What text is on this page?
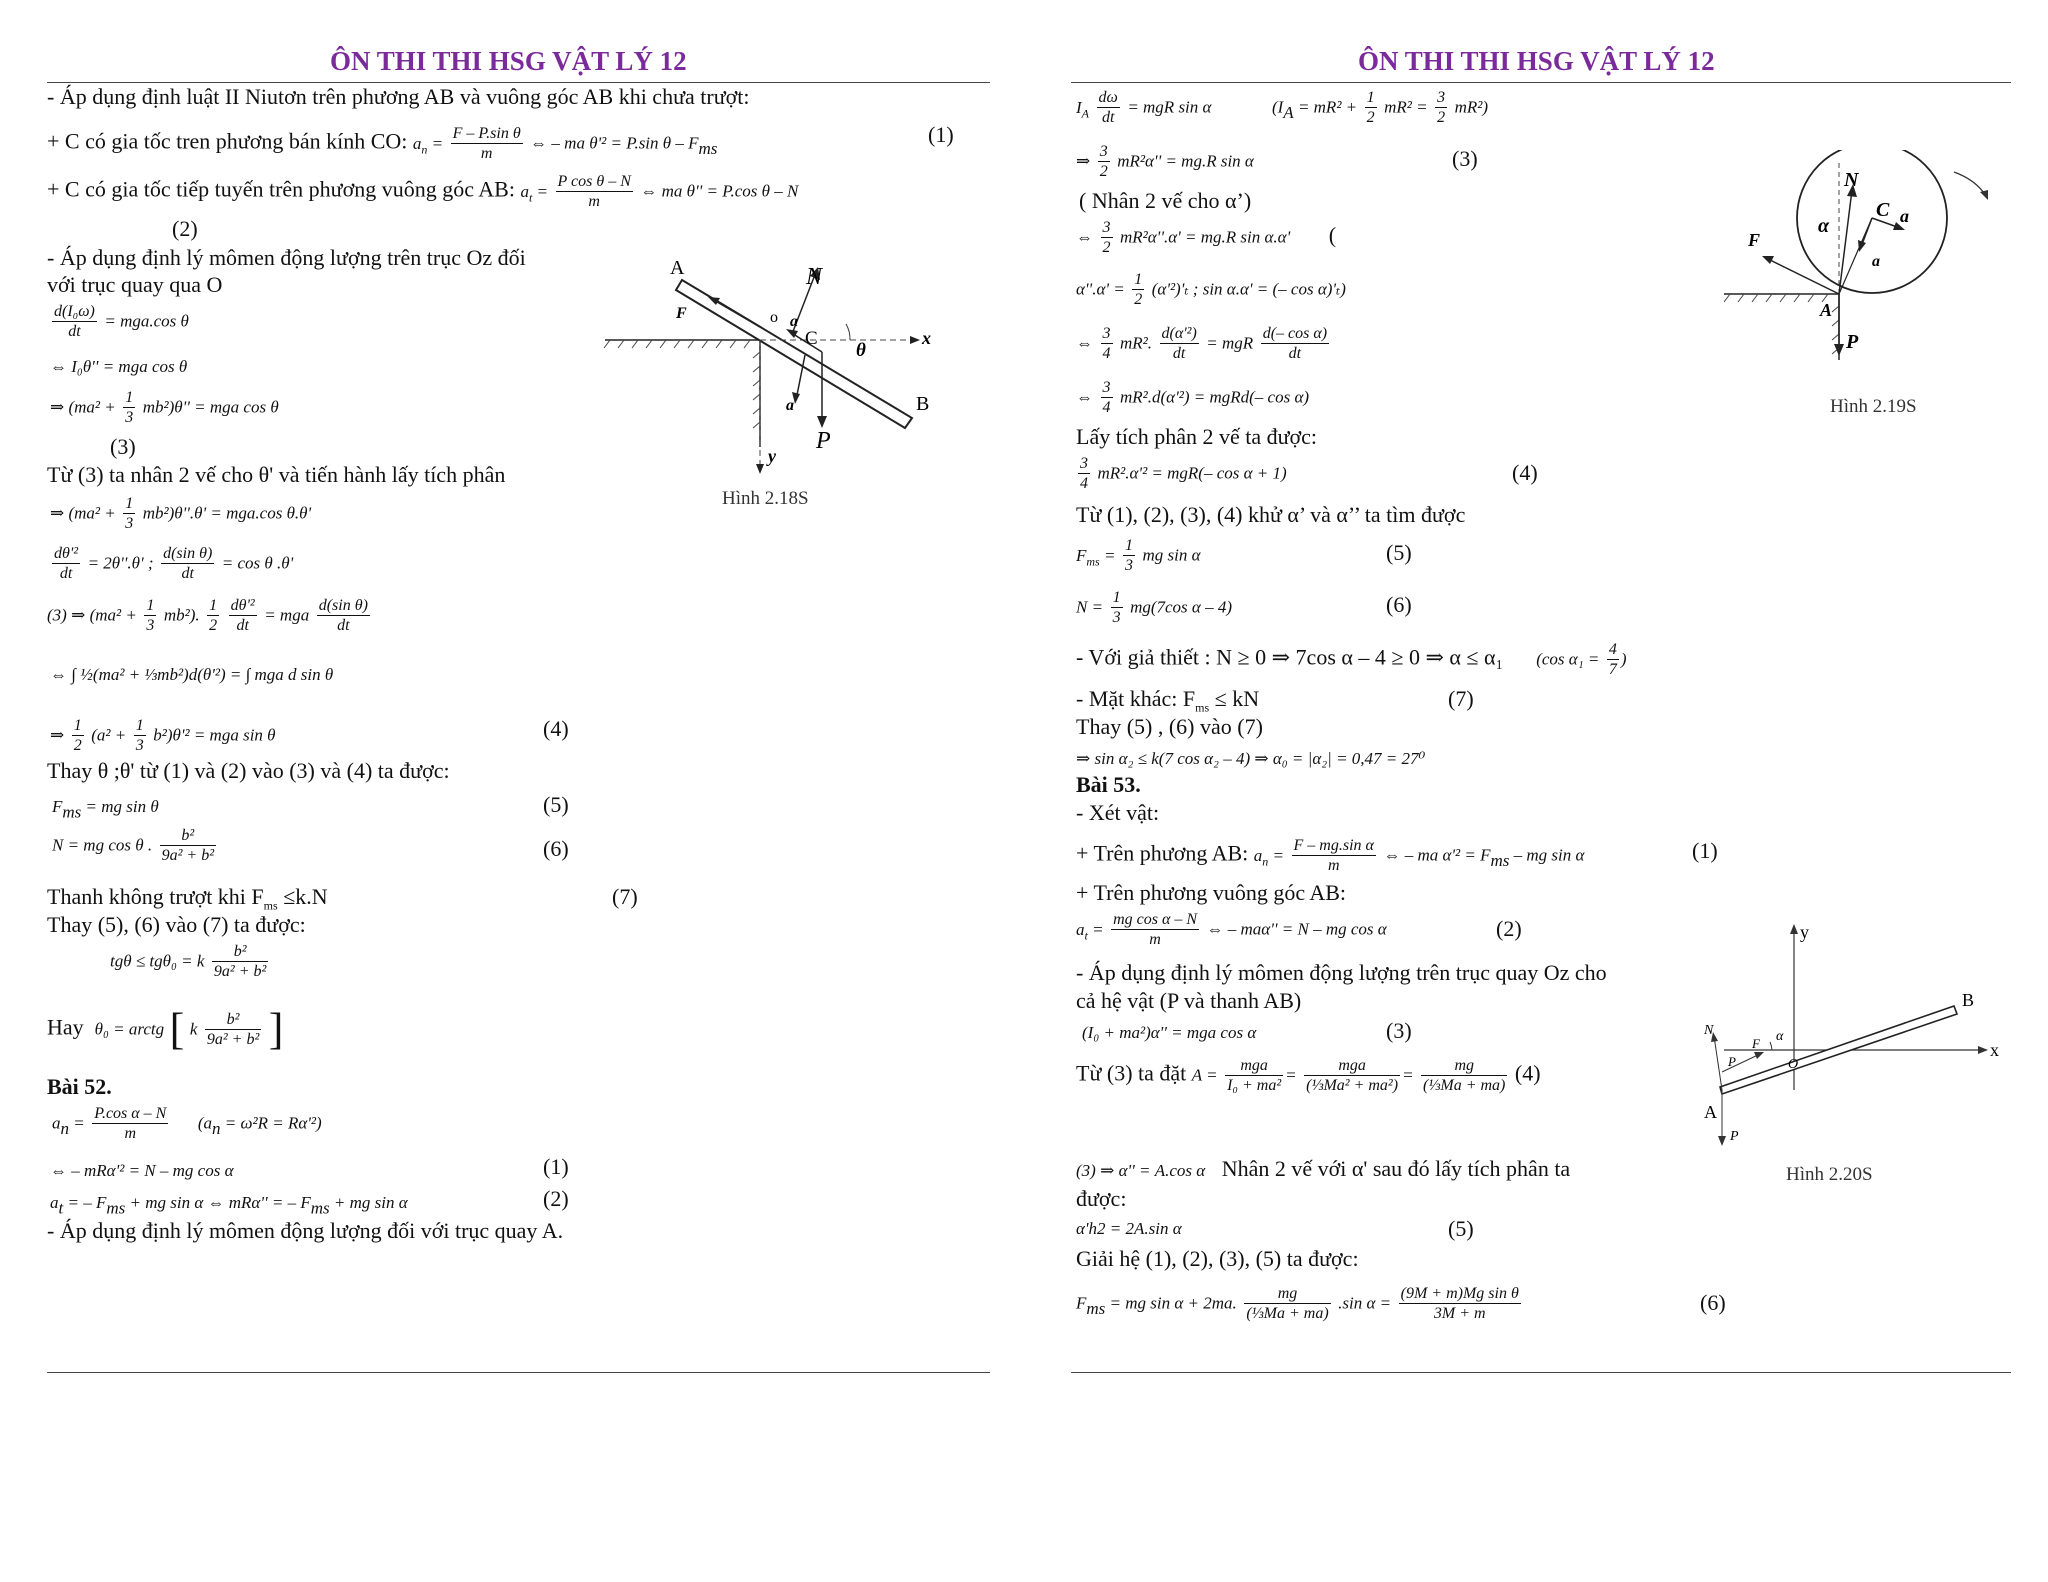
ÔN THI THI HSG VẬT LÝ 12
- Áp dụng định luật II Niutơn trên phương AB và vuông góc AB khi chưa trượt:
+ C có gia tốc tren phương bán kính CO: $a_n = \frac{\text{F – P.sin θ}}{m}$ ⇔ – ma θ'² = P.sin θ – $F_{ms}$
(1)
+ C có gia tốc tiếp tuyến trên phương vuông góc AB: $a_t = \frac{\text{P cos θ – N}}{m}$ ⇔ ma θ'' = P.cos θ – N
(2)
- Áp dụng định lý mômen động lượng trên trục Oz đối
với trục quay qua O
$\frac{\text{d(I₀ω)}}{dt} = mga.\cos$ θ
⇔ I₀θ'' = mga cos θ
⇒ $(ma^2 + \frac{1}{3} mb^2)\theta''$ = mga cos θ
(3)
Từ (3) ta nhân 2 vế cho θ' và tiến hành lấy tích phân
⇒ $(ma^2 + \frac{1}{3} mb^2)\theta''.\theta' = mga.\cos$ θ.θ'
$\frac{\text{dθ'²}}{dt} = 2\theta''.\theta'$ ; $\frac{\text{d(sin θ)}}{dt} = \cos \theta$ .θ'
(3) ⇒ $(ma^2 + \frac{1}{3} mb^2)$. $\frac{1}{2}$
$\frac{\text{dθ'²}}{dt}$ = mga $\frac{\text{d(sin θ)}}{dt}$
⇔ ∫ ½(ma² + ⅓mb²)d(θ'²) = ∫ mga d sin θ
⇒ $\frac{1}{2} (a^2 + \frac{1}{3} b^2)\theta'^2$ = mga sin θ	(4)
Thay θ ;θ' từ (1) và (2) vào (3) và (4) ta được:
$F_{ms}$ = mg sin θ	(5)
N = mg cos θ . $\frac{\text{b²}}{\text{9a² + b²}}$	(6)
Thanh không trượt khi $F_{ms} \le k.N$	(7)
Thay (5), (6) vào (7) ta được:
tgθ ≤ tgθ₀ = k $\frac{\text{b²}}{\text{9a² + b²}}$
Hay θ₀ = arctg [ k $\frac{\text{b²}}{\text{9a² + b²}}$ ]
Bài 52.
$a_n = \frac{\text{P.cos α – N}}{m} (a_n = \omega^2R = R\alpha'^2)$
⇔ – mRα'² = N – mg cos α	(1)
$a_t$ = – $F_{ms}$ + mg sin α ⇔ mRα'' = – $F_{ms}$ + mg sin α	(2)
- Áp dụng định lý mômen động lượng đối với trục quay A.
A
B
C	x
y
θ
N
P
F	a
a
o
Hình 2.18S
ÔN THI THI HSG VẬT LÝ 12
$I_A \frac{d\omega}{dt}$ = mgR sin α	$(I_A = mR^2 + \frac{1}{2} mR^2 = \frac{3}{2} mR^2)$
⇒ $\frac{3}{2} mR^2\alpha'' = mg.R$ sin α	(3)
( Nhân 2 vế cho α’)
⇔ $\frac{3}{2} mR^2\alpha''.\alpha' = mg.R$ sin α.α' (
$\alpha''.\alpha' = \frac{1}{2} (\alpha'^2)'_t$ ; sin α.α' = (– cos α)'ₜ)
⇔ $\frac{3}{4} mR^2$. $\frac{\text{d(α'²)}}{dt}$ = mgR $\frac{\text{d(– cos α)}}{dt}$
⇔ $\frac{3}{4} mR^2.d(\alpha'^2)$ = mgRd(– cos α)
Lấy tích phân 2 vế ta được:
$\frac{3}{4} mR^2.\alpha'^2 = mgR(-$ cos α + 1)	(4)
Từ (1), (2), (3), (4) khử α’ và α’’ ta tìm được
$F_{ms} = \frac{1}{3}$ mg sin α	(5)
$N = \frac{1}{3} mg(7\cos$ α – 4)	(6)
- Với giả thiết : N ≥ 0 ⇒ 7cos α – 4 ≥ 0 ⇒ α ≤ α₁ (cos $\alpha_1 = \frac{4}{7}$ )
- Mặt khác: $F_{ms}$ ≤ kN	(7)
Thay (5) , (6) vào (7)
⇒ sin α₂ ≤ k(7 cos α₂ – 4) ⇒ α₀ = |α₂| = 0,47 = 27⁰
Bài 53.
- Xét vật:
+ Trên phương AB: $a_n = \frac{\text{F – mg.sin α}}{m}$ ⇔ – ma $\alpha'^2 = F_{ms}$ – mg sin α	(1)
+ Trên phương vuông góc AB:
$a_t = \frac{\text{mg cos α – N}}{m}$ ⇔ – maα'' = N – mg cos α	(2)
- Áp dụng định lý mômen động lượng trên trục quay Oz cho
cả hệ vật (P và thanh AB)
(I₀ + ma²)α'' = mga cos α	(3)
Từ (3) ta đặt A =
mga
I₀ + ma²
=
mga
(⅓Ma² + ma²)
= $\frac{mg}{\text{(⅓Ma + ma)}} (4)$
(3) ⇒ α'' = A.cos α Nhân 2 vế với α' sau đó lấy tích phân ta
được:
α'h2 = 2A.sin α	(5)
Giải hệ (1), (2), (3), (5) ta được:
$F_{ms}$ = mg sin α + 2ma. $\frac{mg}{\text{(⅓Ma + ma)}} .\sin$ $\alpha = \frac{\text{(9M + m)Mg sin θ}}{3M + m}$	(6)
N
C a
a
α
F
A
P
Hình 2.19S
y
x
B
A
O
N
P
P
F α
Hình 2.20S
